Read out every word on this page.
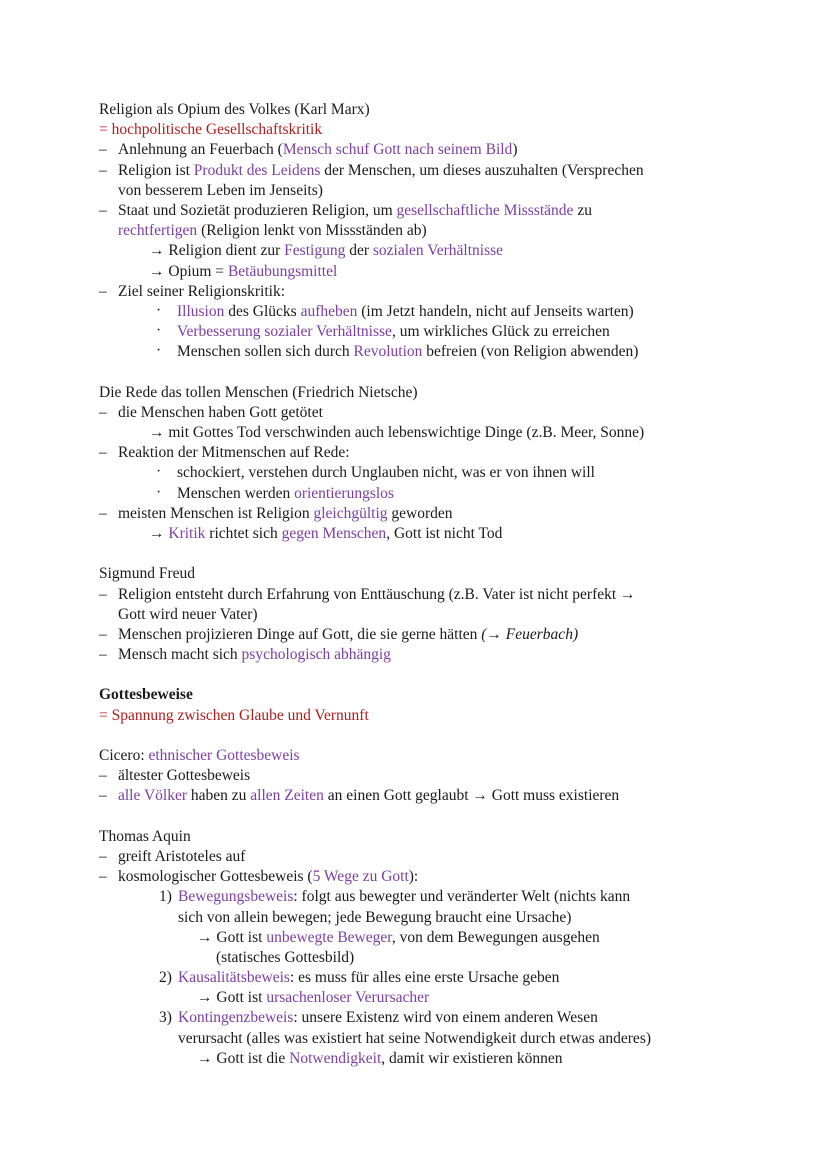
Religion als Opium des Volkes (Karl Marx)
= hochpolitische Gesellschaftskritik
– Anlehnung an Feuerbach (Mensch schuf Gott nach seinem Bild)
– Religion ist Produkt des Leidens der Menschen, um dieses auszuhalten (Versprechen
von besserem Leben im Jenseits)
– Staat und Sozietät produzieren Religion, um gesellschaftliche Missstände zu
rechtfertigen (Religion lenkt von Missständen ab)
→ Religion dient zur Festigung der sozialen Verhältnisse
→ Opium = Betäubungsmittel
– Ziel seiner Religionskritik:
· Illusion des Glücks aufheben (im Jetzt handeln, nicht auf Jenseits warten)
· Verbesserung sozialer Verhältnisse, um wirkliches Glück zu erreichen
· Menschen sollen sich durch Revolution befreien (von Religion abwenden)
Die Rede das tollen Menschen (Friedrich Nietsche)
– die Menschen haben Gott getötet
→ mit Gottes Tod verschwinden auch lebenswichtige Dinge (z.B. Meer, Sonne)
– Reaktion der Mitmenschen auf Rede:
· schockiert, verstehen durch Unglauben nicht, was er von ihnen will
· Menschen werden orientierungslos
– meisten Menschen ist Religion gleichgültig geworden
→ Kritik richtet sich gegen Menschen, Gott ist nicht Tod
Sigmund Freud
– Religion entsteht durch Erfahrung von Enttäuschung (z.B. Vater ist nicht perfekt →
Gott wird neuer Vater)
– Menschen projizieren Dinge auf Gott, die sie gerne hätten (→ Feuerbach)
– Mensch macht sich psychologisch abhängig
Gottesbeweise
= Spannung zwischen Glaube und Vernunft
Cicero: ethnischer Gottesbeweis
– ältester Gottesbeweis
– alle Völker haben zu allen Zeiten an einen Gott geglaubt → Gott muss existieren
Thomas Aquin
– greift Aristoteles auf
– kosmologischer Gottesbeweis (5 Wege zu Gott):
1) Bewegungsbeweis: folgt aus bewegter und veränderter Welt (nichts kann
sich von allein bewegen; jede Bewegung braucht eine Ursache)
→ Gott ist unbewegte Beweger, von dem Bewegungen ausgehen
(statisches Gottesbild)
2) Kausalitätsbeweis: es muss für alles eine erste Ursache geben
→ Gott ist ursachenloser Verursacher
3) Kontingenzbeweis: unsere Existenz wird von einem anderen Wesen
verursacht (alles was existiert hat seine Notwendigkeit durch etwas anderes)
→ Gott ist die Notwendigkeit, damit wir existieren können
